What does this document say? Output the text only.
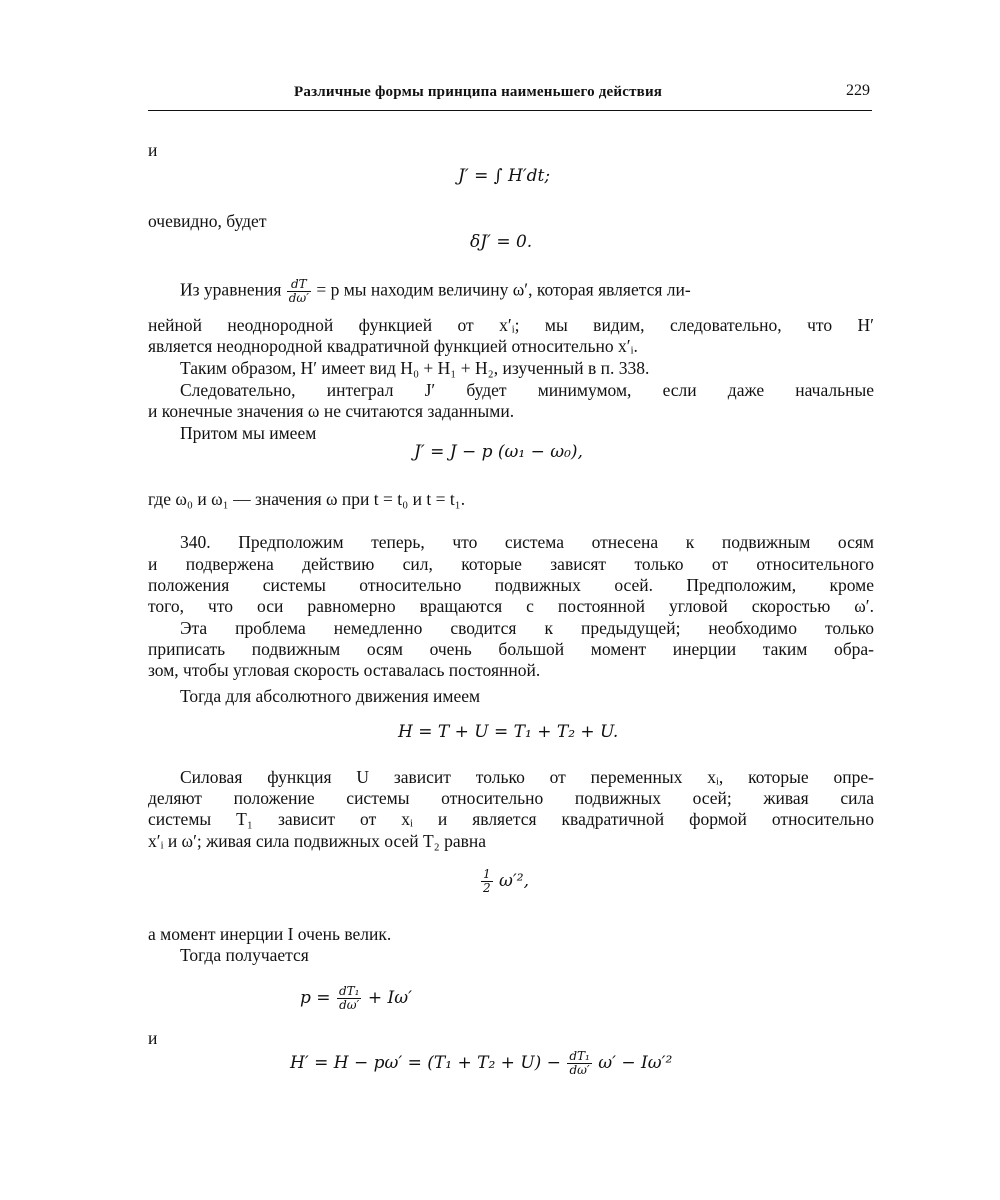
Различные формы принципа наименьшего действия	229
и
J′ = ∫ H′dt;
очевидно, будет
δJ′ = 0.
Из уравнения $\frac{dT}{d\omega'} = p$ мы находим величину ω′, которая является ли-
нейной неоднородной функцией от x′ᵢ; мы видим, следовательно, что H′
является неоднородной квадратичной функцией относительно x′ᵢ.
Таким образом, H′ имеет вид H₀ + H₁ + H₂, изученный в п. 338.
Следовательно, интеграл J′ будет минимумом, если даже начальные
и конечные значения ω не считаются заданными.
Притом мы имеем
J′ = J − p (ω₁ − ω₀),
где ω₀ и ω₁ — значения ω при t = t₀ и t = t₁.
340. Предположим теперь, что система отнесена к подвижным осям
и подвержена действию сил, которые зависят только от относительного
положения системы относительно подвижных осей. Предположим, кроме
того, что оси равномерно вращаются с постоянной угловой скоростью ω′.
Эта проблема немедленно сводится к предыдущей; необходимо только
приписать подвижным осям очень большой момент инерции таким обра-
зом, чтобы угловая скорость оставалась постоянной.
Тогда для абсолютного движения имеем
H = T + U = T₁ + T₂ + U.
Силовая функция U зависит только от переменных xᵢ, которые опре-
деляют положение системы относительно подвижных осей; живая сила
системы T₁ зависит от xᵢ и является квадратичной формой относительно
x′ᵢ и ω′; живая сила подвижных осей T₂ равна
$\frac{1}{2} \omega'^2$,
а момент инерции I очень велик.
Тогда получается
$p = \frac{\text{dT₁}}{d\omega'} + I\omega'$
и
$H' = H - p\omega' = (T_1 + T_2 + U) - \frac{\text{dT₁}}{d\omega'} \omega' - I\omega'^2$
